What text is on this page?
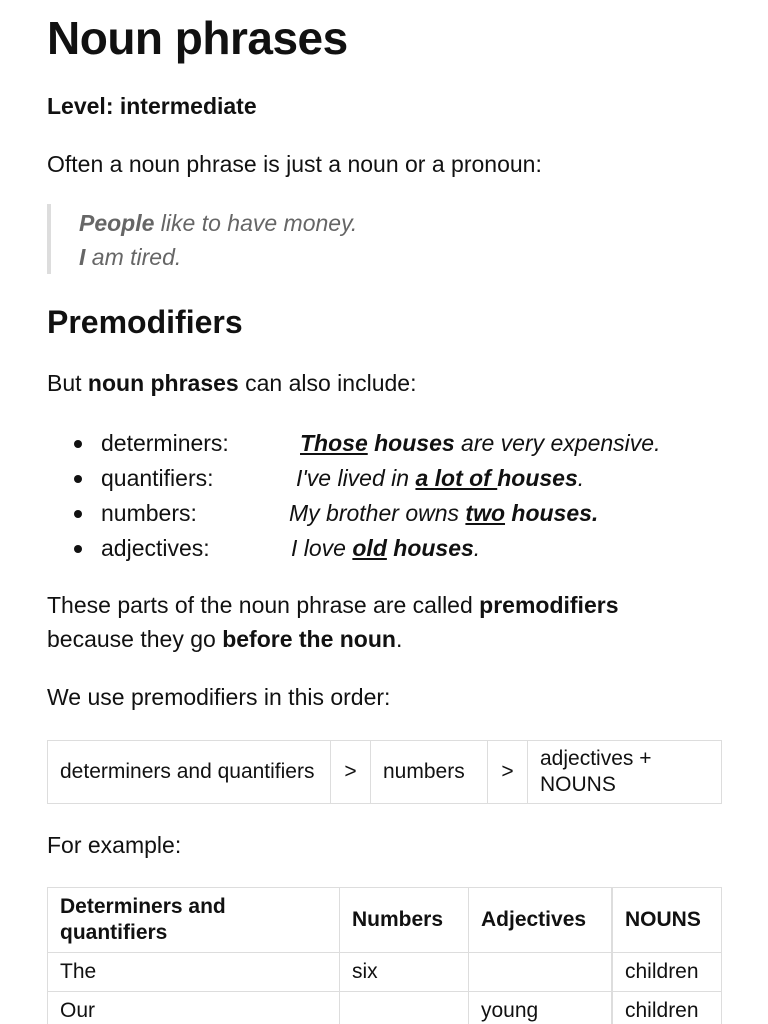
Noun phrases
Level: intermediate
Often a noun phrase is just a noun or a pronoun:
People like to have money.
I am tired.
Premodifiers
But noun phrases can also include:
determiners:	Those houses are very expensive.
quantifiers:	I've lived in a lot of houses.
numbers:	My brother owns two houses.
adjectives:	I love old houses.
These parts of the noun phrase are called premodifiers
because they go before the noun.
We use premodifiers in this order:
determiners and quantifiers	>	numbers	>	adjectives + NOUNS
For example:
Determiners and quantifiers	Numbers	Adjectives	NOUNS
The	six		children
Our		young	children
